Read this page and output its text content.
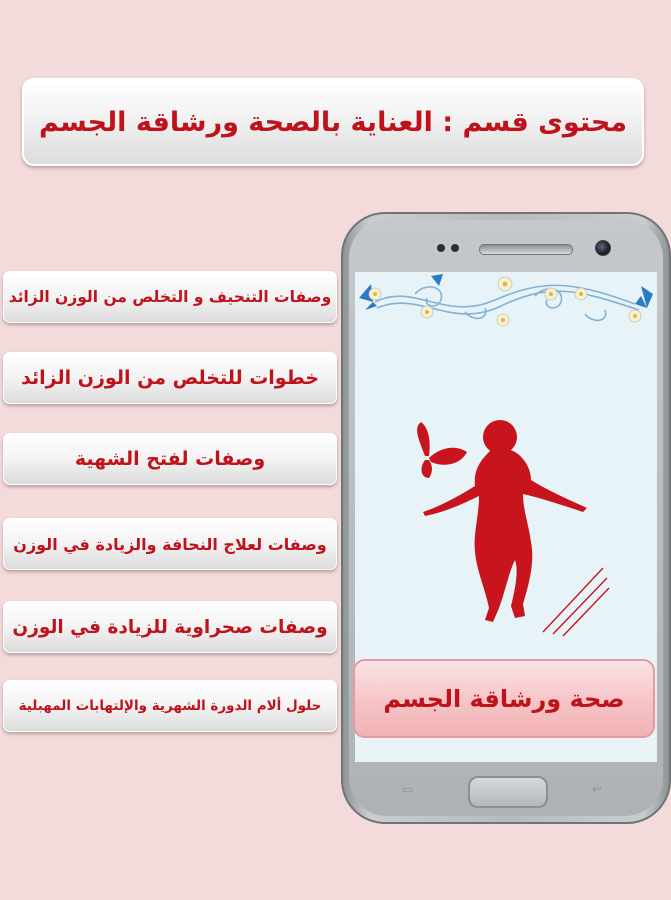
محتوى قسم : العناية بالصحة ورشاقة الجسم
وصفات التنحيف و التخلص من الوزن الزائد
خطوات للتخلص من الوزن الزائد
وصفات لفتح الشهية
وصفات لعلاج النحافة والزيادة في الوزن
وصفات صحراوية للزيادة في الوزن
حلول ألام الدورة الشهرية والإلتهابات المهبلية	صحة ورشاقة الجسم
▭	↩
